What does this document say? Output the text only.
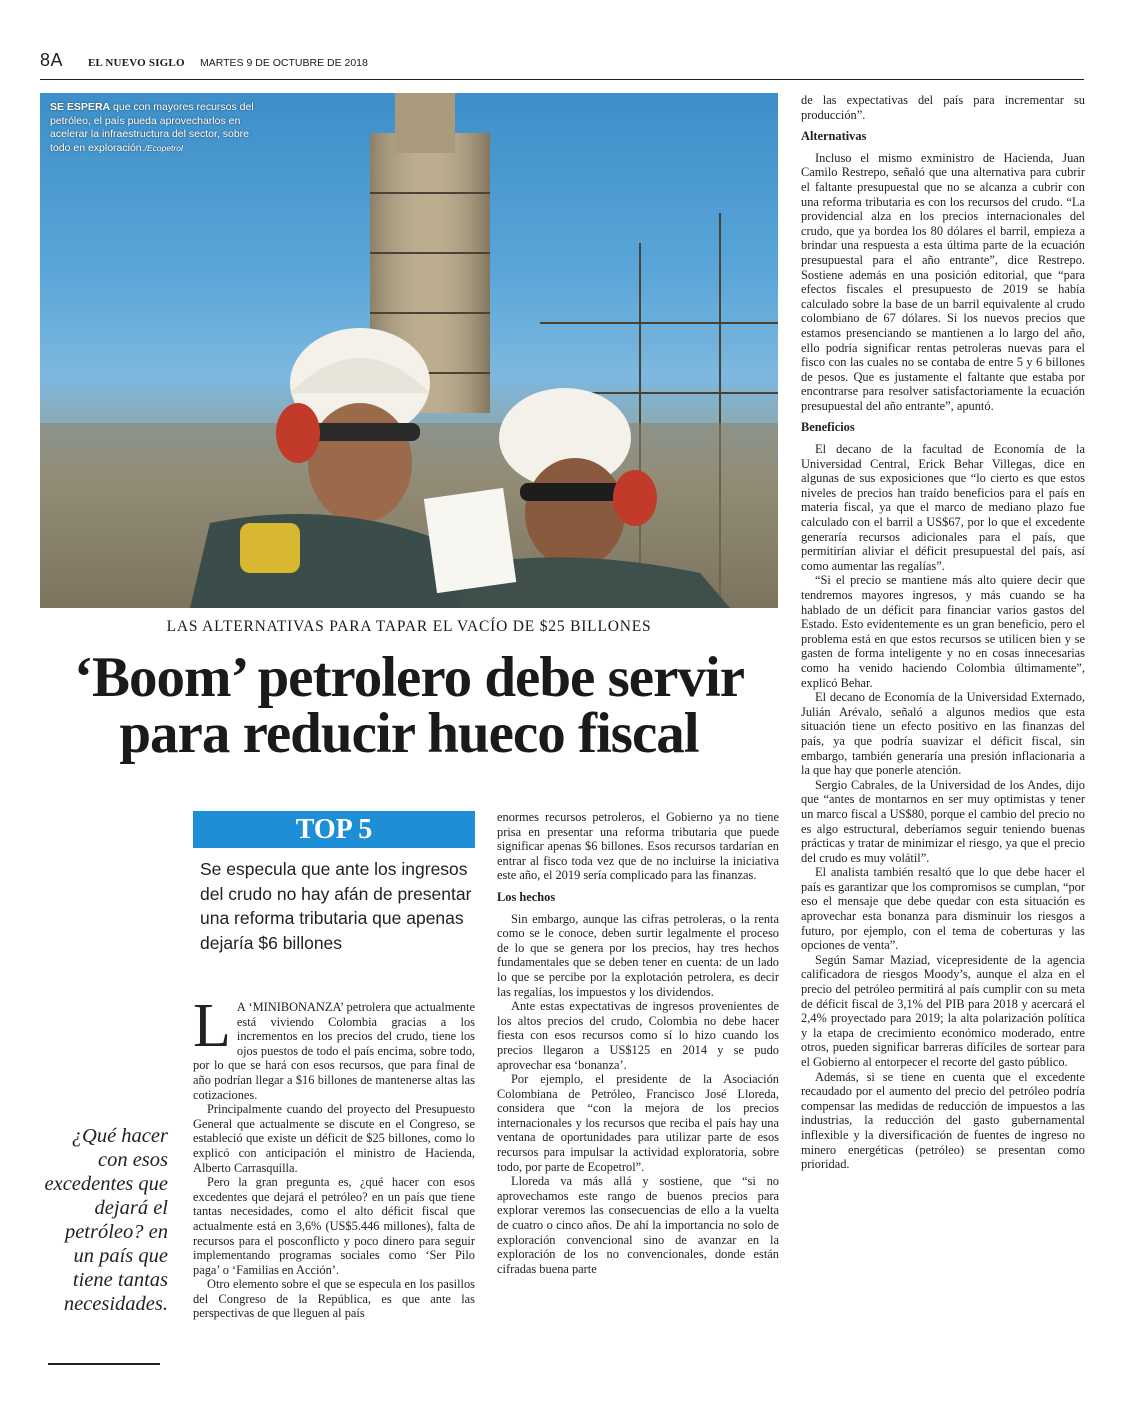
8A EL NUEVO SIGLO MARTES 9 DE OCTUBRE DE 2018
SE ESPERA que con mayores recursos del petróleo, el país pueda aprovecharlos en acelerar la infraestructura del sector, sobre todo en exploración./Ecopetrol
LAS ALTERNATIVAS PARA TAPAR EL VACÍO DE $25 BILLONES
‘Boom’ petrolero debe servir
para reducir hueco fiscal
TOP 5
Se especula que ante los ingresos del crudo no hay afán de presentar una reforma tributaria que apenas dejaría $6 billones
¿Qué hacer con esos excedentes que dejará el petróleo? en un país que tiene tantas necesidades.

L A ‘MINIBONANZA’ petrolera que actualmente está viviendo Colombia gracias a los incrementos en los precios del crudo, tiene los ojos puestos de todo el país encima, sobre todo, por lo que se hará con esos recursos, que para final de año podrían llegar a $16 billones de mantenerse altas las cotizaciones.

Principalmente cuando del proyecto del Presupuesto General que actualmente se discute en el Congreso, se estableció que existe un déficit de $25 billones, como lo explicó con anticipación el ministro de Hacienda, Alberto Carrasquilla.

Pero la gran pregunta es, ¿qué hacer con esos excedentes que dejará el petróleo? en un país que tiene tantas necesidades, como el alto déficit fiscal que actualmente está en 3,6% (US$5.446 millones), falta de recursos para el posconflicto y poco dinero para seguir implementando programas sociales como ‘Ser Pilo paga’ o ‘Familias en Acción’.

Otro elemento sobre el que se especula en los pasillos del Congreso de la República, es que ante las perspectivas de que lleguen al país

enormes recursos petroleros, el Gobierno ya no tiene prisa en presentar una reforma tributaria que puede significar apenas $6 billones. Esos recursos tardarían en entrar al fisco toda vez que de no incluirse la iniciativa este año, el 2019 sería complicado para las finanzas.

Los hechos

Sin embargo, aunque las cifras petroleras, o la renta como se le conoce, deben surtir legalmente el proceso de lo que se genera por los precios, hay tres hechos fundamentales que se deben tener en cuenta: de un lado lo que se percibe por la explotación petrolera, es decir las regalías, los impuestos y los dividendos.

Ante estas expectativas de ingresos provenientes de los altos precios del crudo, Colombia no debe hacer fiesta con esos recursos como sí lo hizo cuando los precios llegaron a US$125 en 2014 y se pudo aprovechar esa ‘bonanza’.

Por ejemplo, el presidente de la Asociación Colombiana de Petróleo, Francisco José Lloreda, considera que “con la mejora de los precios internacionales y los recursos que reciba el país hay una ventana de oportunidades para utilizar parte de esos recursos para impulsar la actividad exploratoria, sobre todo, por parte de Ecopetrol”.

Lloreda va más allá y sostiene, que “si no aprovechamos este rango de buenos precios para explorar veremos las consecuencias de ello a la vuelta de cuatro o cinco años. De ahí la importancia no solo de exploración convencional sino de avanzar en la exploración de los no convencionales, donde están cifradas buena parte

de las expectativas del país para incrementar su producción”.

Alternativas

Incluso el mismo exministro de Hacienda, Juan Camilo Restrepo, señaló que una alternativa para cubrir el faltante presupuestal que no se alcanza a cubrir con una reforma tributaria es con los recursos del crudo. “La providencial alza en los precios internacionales del crudo, que ya bordea los 80 dólares el barril, empieza a brindar una respuesta a esta última parte de la ecuación presupuestal para el año entrante”, dice Restrepo. Sostiene además en una posición editorial, que “para efectos fiscales el presupuesto de 2019 se había calculado sobre la base de un barril equivalente al crudo colombiano de 67 dólares. Si los nuevos precios que estamos presenciando se mantienen a lo largo del año, ello podría significar rentas petroleras nuevas para el fisco con las cuales no se contaba de entre 5 y 6 billones de pesos. Que es justamente el faltante que estaba por encontrarse para resolver satisfactoriamente la ecuación presupuestal del año entrante”, apuntó.

Beneficios

El decano de la facultad de Economía de la Universidad Central, Erick Behar Villegas, dice en algunas de sus exposiciones que “lo cierto es que estos niveles de precios han traído beneficios para el país en materia fiscal, ya que el marco de mediano plazo fue calculado con el barril a US$67, por lo que el excedente generaría recursos adicionales para el país, que permitirían aliviar el déficit presupuestal del país, así como aumentar las regalías”.

“Si el precio se mantiene más alto quiere decir que tendremos mayores ingresos, y más cuando se ha hablado de un déficit para financiar varios gastos del Estado. Esto evidentemente es un gran beneficio, pero el problema está en que estos recursos se utilicen bien y se gasten de forma inteligente y no en cosas innecesarias como ha venido haciendo Colombia últimamente”, explicó Behar.

El decano de Economía de la Universidad Externado, Julián Arévalo, señaló a algunos medios que esta situación tiene un efecto positivo en las finanzas del país, ya que podría suavizar el déficit fiscal, sin embargo, también generaría una presión inflacionaria a la que hay que ponerle atención.

Sergio Cabrales, de la Universidad de los Andes, dijo que “antes de montarnos en ser muy optimistas y tener un marco fiscal a US$80, porque el cambio del precio no es algo estructural, deberíamos seguir teniendo buenas prácticas y tratar de minimizar el riesgo, ya que el precio del crudo es muy volátil”.

El analista también resaltó que lo que debe hacer el país es garantizar que los compromisos se cumplan, “por eso el mensaje que debe quedar con esta situación es aprovechar esta bonanza para disminuir los riesgos a futuro, por ejemplo, con el tema de coberturas y las opciones de venta”.

Según Samar Maziad, vicepresidente de la agencia calificadora de riesgos Moody’s, aunque el alza en el precio del petróleo permitirá al país cumplir con su meta de déficit fiscal de 3,1% del PIB para 2018 y acercará el 2,4% proyectado para 2019; la alta polarización política y la etapa de crecimiento económico moderado, entre otros, pueden significar barreras difíciles de sortear para el Gobierno al entorpecer el recorte del gasto público.

Además, si se tiene en cuenta que el excedente recaudado por el aumento del precio del petróleo podría compensar las medidas de reducción de impuestos a las industrias, la reducción del gasto gubernamental inflexible y la diversificación de fuentes de ingreso no minero energéticas (petróleo) se presentan como prioridad.
